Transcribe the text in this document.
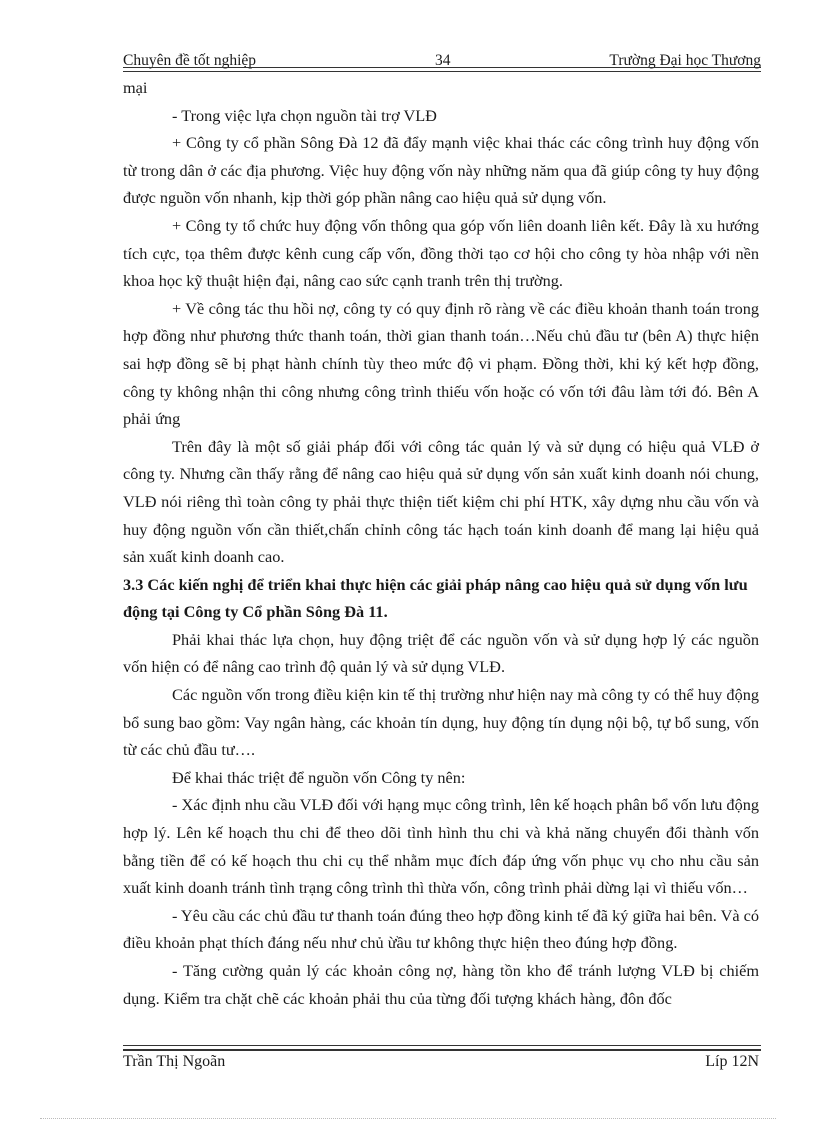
Chuyên đề tốt nghiệp	34	Trường Đại học Thương

mại

- Trong việc lựa chọn nguồn tài trợ VLĐ

+ Công ty cổ phần Sông Đà 12 đã đẩy mạnh việc khai thác các công trình huy động vốn từ trong dân ở các địa phương. Việc huy động vốn này những năm qua đã giúp công ty huy động được nguồn vốn nhanh, kịp thời góp phần nâng cao hiệu quả sử dụng vốn.

+ Công ty tổ chức huy động vốn thông qua góp vốn liên doanh liên kết. Đây là xu hướng tích cực, tọa thêm được kênh cung cấp vốn, đồng thời tạo cơ hội cho công ty hòa nhập với nền khoa học kỹ thuật hiện đại, nâng cao sức cạnh tranh trên thị trường.

+ Về công tác thu hồi nợ, công ty có quy định rõ ràng về các điều khoản thanh toán trong hợp đồng như phương thức thanh toán, thời gian thanh toán…Nếu chủ đầu tư (bên A) thực hiện sai hợp đồng sẽ bị phạt hành chính tùy theo mức độ vi phạm. Đồng thời, khi ký kết hợp đồng, công ty không nhận thi công nhưng công trình thiếu vốn hoặc có vốn tới đâu làm tới đó. Bên A phải ứng

Trên đây là một số giải pháp đối với công tác quản lý và sử dụng có hiệu quả VLĐ ở công ty. Nhưng cần thấy rằng để nâng cao hiệu quả sử dụng vốn sản xuất kinh doanh nói chung, VLĐ nói riêng thì toàn công ty phải thực thiện tiết kiệm chi phí HTK, xây dựng nhu cầu vốn và huy động nguồn vốn cần thiết,chấn chỉnh công tác hạch toán kinh doanh để mang lại hiệu quả sản xuất kinh doanh cao.

3.3 Các kiến nghị để triển khai thực hiện các giải pháp nâng cao hiệu quả sử dụng vốn lưu động tại Công ty Cổ phần Sông Đà 11.

Phải khai thác lựa chọn, huy động triệt để các nguồn vốn và sử dụng hợp lý các nguồn vốn hiện có để nâng cao trình độ quản lý và sử dụng VLĐ.

Các nguồn vốn trong điều kiện kin tế thị trường như hiện nay mà công ty có thể huy động bổ sung bao gồm: Vay ngân hàng, các khoản tín dụng, huy động tín dụng nội bộ, tự bổ sung, vốn từ các chủ đầu tư….

Để khai thác triệt để nguồn vốn Công ty nên:

- Xác định nhu cầu VLĐ đối với hạng mục công trình, lên kế hoạch phân bổ vốn lưu động hợp lý. Lên kế hoạch thu chi để theo dõi tình hình thu chi và khả năng chuyển đổi thành vốn bằng tiền để có kế hoạch thu chi cụ thể nhằm mục đích đáp ứng vốn phục vụ cho nhu cầu sản xuất kinh doanh tránh tình trạng công trình thì thừa vốn, công trình phải dừng lại vì thiếu vốn…

- Yêu cầu các chủ đầu tư thanh toán đúng theo hợp đồng kinh tế đã ký giữa hai bên. Và có điều khoản phạt thích đáng nếu như chủ ừầu tư không thực hiện theo đúng hợp đồng.

- Tăng cường quản lý các khoản công nợ, hàng tồn kho để tránh lượng VLĐ bị chiếm dụng. Kiểm tra chặt chẽ các khoản phải thu của từng đối tượng khách hàng, đôn đốc

Trần Thị Ngoãn	Líp 12N
